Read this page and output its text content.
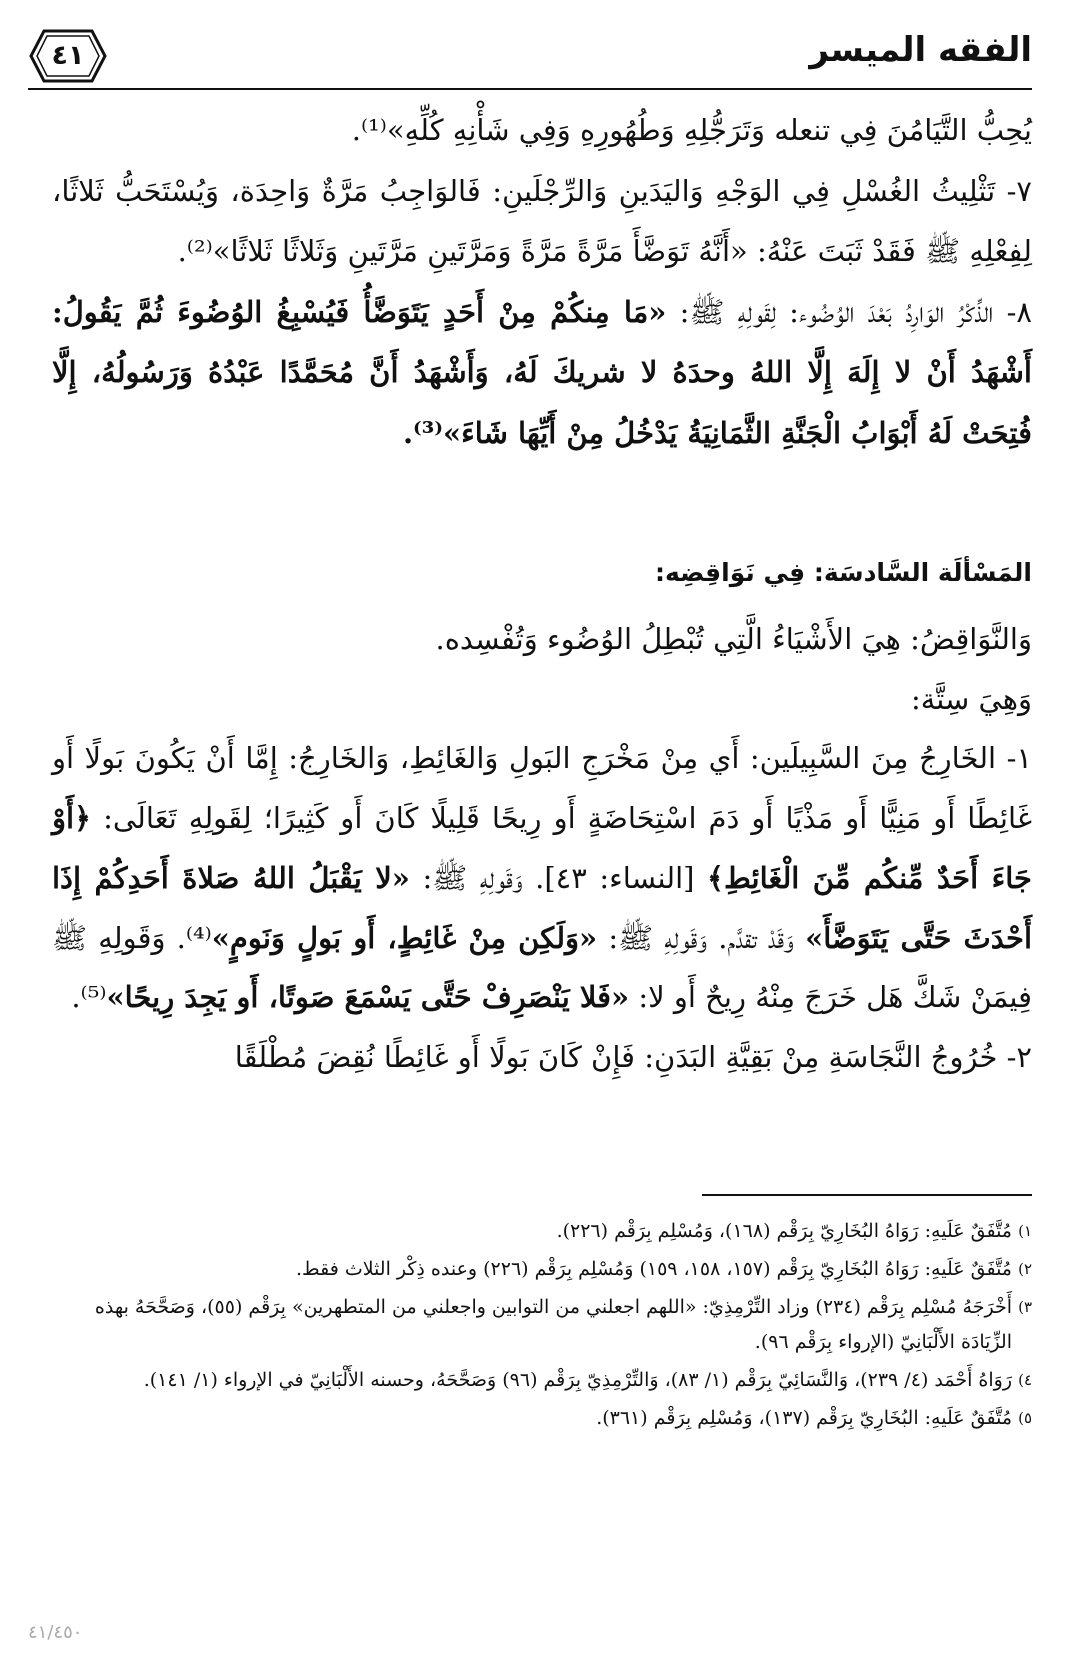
الفقه الميسر
٤١

يُحِبُّ التَّيَامُنَ فِي تنعله وَتَرَجُّلِهِ وَطُهُورِهِ وَفِي شَأْنِهِ كُلِّهِ»⁽¹⁾.

٧- تَثْلِيثُ الغُسْلِ فِي الوَجْهِ وَاليَدَينِ وَالرِّجْلَينِ: فَالوَاجِبُ مَرَّةٌ وَاحِدَة، وَيُسْتَحَبُّ ثَلاثًا، لِفِعْلِهِ ﷺ فَقَدْ ثَبَتَ عَنْهُ: «أَنَّهُ تَوَضَّأَ مَرَّةً مَرَّةً وَمَرَّتَينِ مَرَّتَينِ وَثَلاثًا ثَلاثًا»⁽²⁾.

٨- الذِّكْرُ الوَارِدُ بَعْدَ الوُضُوء: لِقَولِهِ ﷺ: «مَا مِنكُمْ مِنْ أَحَدٍ يَتَوَضَّأُ فَيُسْبِغُ الوُضُوءَ ثُمَّ يَقُولُ: أَشْهَدُ أَنْ لا إِلَهَ إِلَّا اللهُ وحدَهُ لا شريكَ لَهُ، وَأَشْهَدُ أَنَّ مُحَمَّدًا عَبْدُهُ وَرَسُولُهُ، إِلَّا فُتِحَتْ لَهُ أَبْوَابُ الْجَنَّةِ الثَّمَانِيَةُ يَدْخُلُ مِنْ أَيِّهَا شَاءَ»⁽³⁾.

المَسْألَة السَّادسَة: فِي نَوَاقِضِه:

وَالنَّوَاقِضُ: هِيَ الأَشْيَاءُ الَّتِي تُبْطِلُ الوُضُوء وَتُفْسِده.

وَهِيَ سِتَّة:

١- الخَارِجُ مِنَ السَّبِيلَين: أَي مِنْ مَخْرَجِ البَولِ وَالغَائِطِ، وَالخَارِجُ: إِمَّا أَنْ يَكُونَ بَولًا أَو غَائِطًا أَو مَنِيًّا أَو مَذْيًا أَو دَمَ اسْتِحَاضَةٍ أَو رِيحًا قَلِيلًا كَانَ أَو كَثِيرًا؛ لِقَولِهِ تَعَالَى: ﴿أَوْ جَاءَ أَحَدٌ مِّنكُم مِّنَ الْغَائِطِ﴾ [النساء: ٤٣]. وَقَولِهِ ﷺ: «لا يَقْبَلُ اللهُ صَلاةَ أَحَدِكُمْ إِذَا أَحْدَثَ حَتَّى يَتَوَضَّأَ» وَقَدْ تقدَّم. وَقَولِهِ ﷺ: «وَلَكِن مِنْ غَائِطٍ، أَو بَولٍ وَنَومٍ»⁽⁴⁾. وَقَولِهِ ﷺ فِيمَنْ شَكَّ هَل خَرَجَ مِنْهُ رِيحٌ أَو لا: «فَلا يَنْصَرِفْ حَتَّى يَسْمَعَ صَوتًا، أَو يَجِدَ رِيحًا»⁽⁵⁾.

٢- خُرُوجُ النَّجَاسَةِ مِنْ بَقِيَّةِ البَدَنِ: فَإِنْ كَانَ بَولًا أَو غَائِطًا نُقِضَ مُطْلَقًا

١)
مُتَّفَقٌ عَلَيهِ: رَوَاهُ البُخَارِيّ بِرَقْم (١٦٨)، وَمُسْلِم بِرَقْم (٢٢٦).

٢)
مُتَّفَقٌ عَلَيهِ: رَوَاهُ البُخَارِيّ بِرَقْم (١٥٧، ١٥٨، ١٥٩) وَمُسْلِم بِرَقْم (٢٢٦) وعنده ذِكْر الثلاث فقط.

٣)
أَخْرَجَهُ مُسْلِم بِرَقْم (٢٣٤) وزاد التِّرْمِذِيّ: «اللهم اجعلني من التوابين واجعلني من المتطهرين» بِرَقْم (٥٥)، وَصَحَّحَهُ بهذه الزِّيَادَة الأَلْبَانِيّ (الإرواء بِرَقْم ٩٦).

٤)
رَوَاهُ أَحْمَد (٤/ ٢٣٩)، وَالنَّسَائِيّ بِرَقْم (١/ ٨٣)، وَالتِّرْمِذِيّ بِرَقْم (٩٦) وَصَحَّحَهُ، وحسنه الأَلْبَانِيّ في الإرواء (١/ ١٤١).

٥)
مُتَّفَقٌ عَلَيهِ: البُخَارِيّ بِرَقْم (١٣٧)، وَمُسْلِم بِرَقْم (٣٦١).

٤١/٤٥٠
